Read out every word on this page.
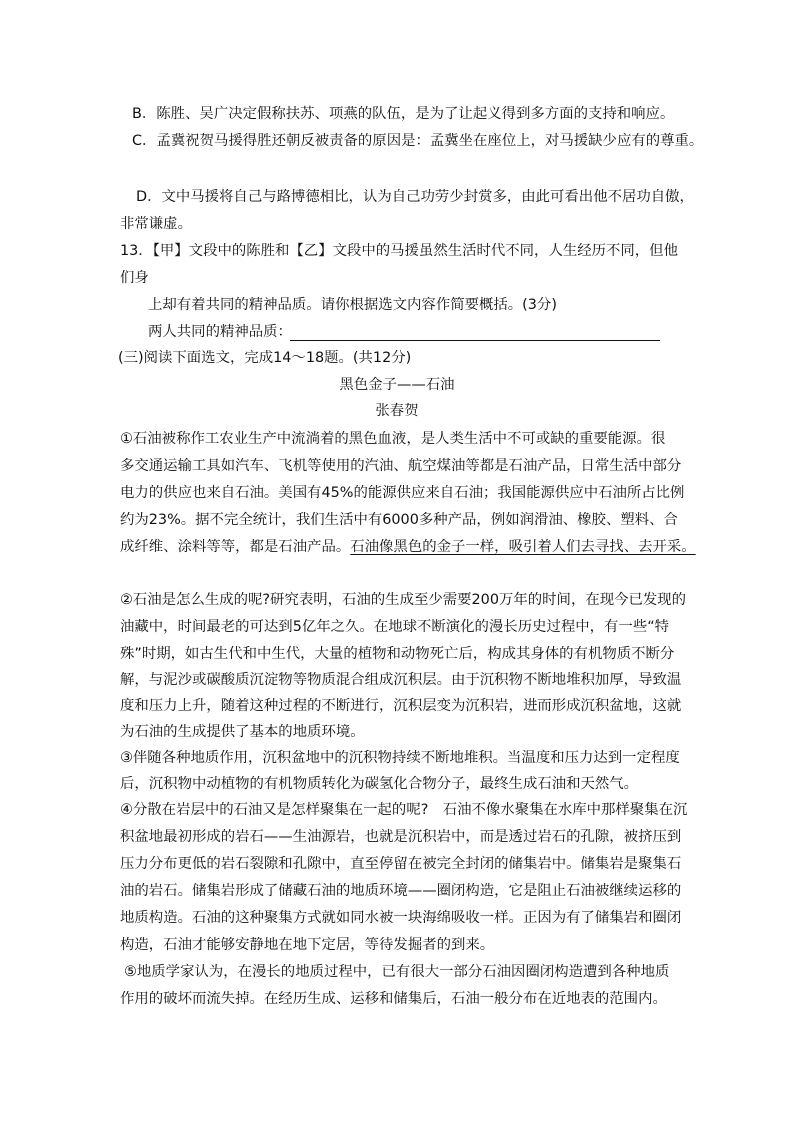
B．陈胜、吴广决定假称扶苏、项燕的队伍，是为了让起义得到多方面的支持和响应。
C．孟冀祝贺马援得胜还朝反被责备的原因是：孟冀坐在座位上，对马援缺少应有的尊重。
D．文中马援将自己与路博德相比，认为自己功劳少封赏多，由此可看出他不居功自傲，
非常谦虚。
13．【甲】文段中的陈胜和【乙】文段中的马援虽然生活时代不同，人生经历不同，但他
们身
上却有着共同的精神品质。请你根据选文内容作简要概括。(3分)
两人共同的精神品质：
(三)阅读下面选文，完成14～18题。(共12分)
黑色金子——石油
张春贺
①石油被称作工农业生产中流淌着的黑色血液，是人类生活中不可或缺的重要能源。很
多交通运输工具如汽车、飞机等使用的汽油、航空煤油等都是石油产品，日常生活中部分
电力的供应也来自石油。美国有45%的能源供应来自石油；我国能源供应中石油所占比例
约为23%。据不完全统计，我们生活中有6000多种产品，例如润滑油、橡胶、塑料、合
成纤维、涂料等等，都是石油产品。石油像黑色的金子一样，吸引着人们去寻找、去开采。
②石油是怎么生成的呢?研究表明，石油的生成至少需要200万年的时间，在现今已发现的
油藏中，时间最老的可达到5亿年之久。在地球不断演化的漫长历史过程中，有一些“特
殊”时期，如古生代和中生代，大量的植物和动物死亡后，构成其身体的有机物质不断分
解，与泥沙或碳酸质沉淀物等物质混合组成沉积层。由于沉积物不断地堆积加厚，导致温
度和压力上升，随着这种过程的不断进行，沉积层变为沉积岩，进而形成沉积盆地，这就
为石油的生成提供了基本的地质环境。
③伴随各种地质作用，沉积盆地中的沉积物持续不断地堆积。当温度和压力达到一定程度
后，沉积物中动植物的有机物质转化为碳氢化合物分子，最终生成石油和天然气。
④分散在岩层中的石油又是怎样聚集在一起的呢?　石油不像水聚集在水库中那样聚集在沉
积盆地最初形成的岩石——生油源岩，也就是沉积岩中，而是透过岩石的孔隙，被挤压到
压力分布更低的岩石裂隙和孔隙中，直至停留在被完全封闭的储集岩中。储集岩是聚集石
油的岩石。储集岩形成了储藏石油的地质环境——圈闭构造，它是阻止石油被继续运移的
地质构造。石油的这种聚集方式就如同水被一块海绵吸收一样。正因为有了储集岩和圈闭
构造，石油才能够安静地在地下定居，等待发掘者的到来。
⑤地质学家认为，在漫长的地质过程中，已有很大一部分石油因圈闭构造遭到各种地质
作用的破坏而流失掉。在经历生成、运移和储集后，石油一般分布在近地表的范围内。
